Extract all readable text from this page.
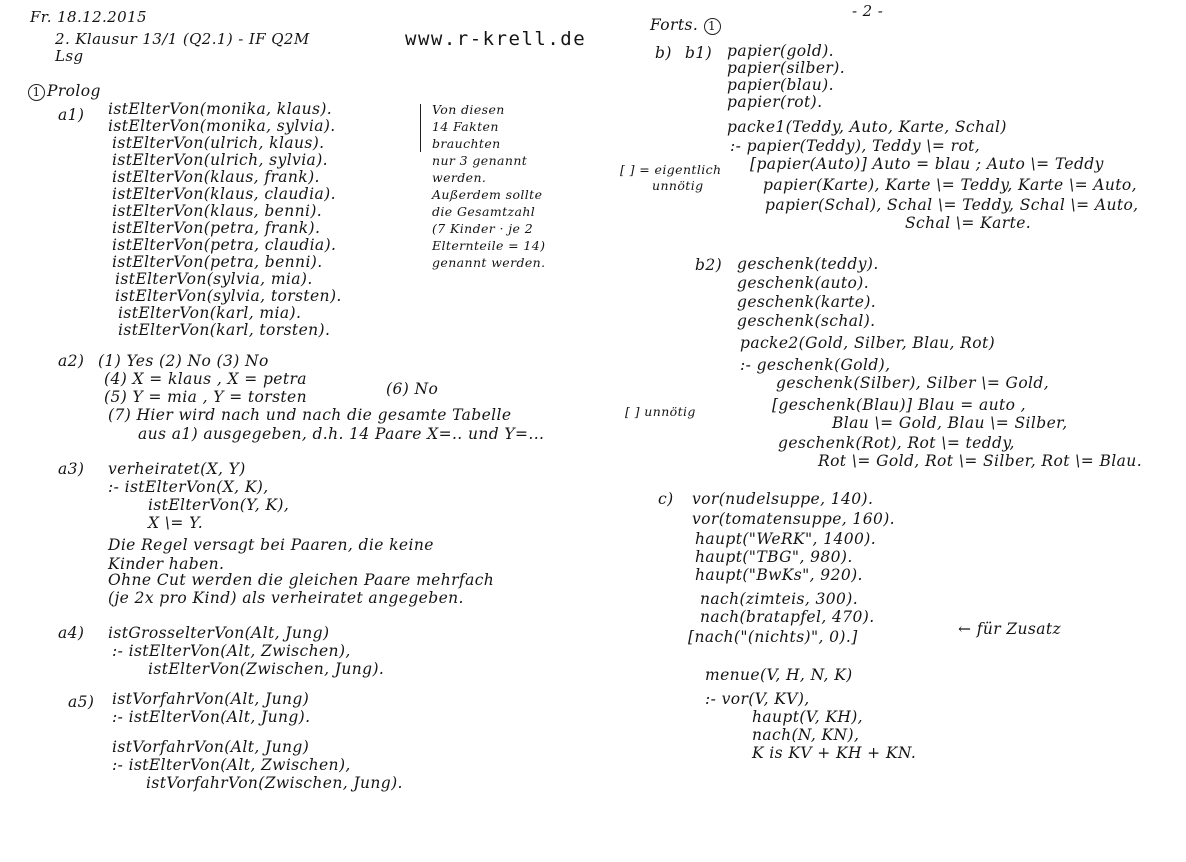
Fr. 18.12.2015
2. Klausur 13/1 (Q2.1) - IF Q2M
Lsg
www.r-krell.de
1 Prolog
a1) istElterVon(monika, klaus).
istElterVon(monika, sylvia).
istElterVon(ulrich, klaus).
istElterVon(ulrich, sylvia).
istElterVon(klaus, frank).
istElterVon(klaus, claudia).
istElterVon(klaus, benni).
istElterVon(petra, frank).
istElterVon(petra, claudia).
istElterVon(petra, benni).
istElterVon(sylvia, mia).
istElterVon(sylvia, torsten).
istElterVon(karl, mia).
istElterVon(karl, torsten).
Von diesen
14 Fakten
brauchten
nur 3 genannt
werden.
Außerdem sollte
die Gesamtzahl
(7 Kinder · je 2
Elternteile = 14)
genannt werden.
a2) (1) Yes (2) No (3) No
(4) X = klaus , X = petra
(5) Y = mia , Y = torsten	(6) No
(7) Hier wird nach und nach die gesamte Tabelle
aus a1) ausgegeben, d.h. 14 Paare X=.. und Y=...
a3) verheiratet(X, Y)
:- istElterVon(X, K),
istElterVon(Y, K),
X \= Y.
Die Regel versagt bei Paaren, die keine
Kinder haben.
Ohne Cut werden die gleichen Paare mehrfach
(je 2x pro Kind) als verheiratet angegeben.
a4) istGrosselterVon(Alt, Jung)
:- istElterVon(Alt, Zwischen),
istElterVon(Zwischen, Jung).
a5) istVorfahrVon(Alt, Jung)
:- istElterVon(Alt, Jung).
istVorfahrVon(Alt, Jung)
:- istElterVon(Alt, Zwischen),
istVorfahrVon(Zwischen, Jung).
- 2 -
Forts. 1
b) b1) papier(gold).
papier(silber).
papier(blau).
papier(rot).
packe1(Teddy, Auto, Karte, Schal)
:- papier(Teddy), Teddy \= rot,
[papier(Auto)] Auto = blau ; Auto \= Teddy
papier(Karte), Karte \= Teddy, Karte \= Auto,
papier(Schal), Schal \= Teddy, Schal \= Auto,
Schal \= Karte.
[ ] = eigentlich
unnötig
b2) geschenk(teddy).
geschenk(auto).
geschenk(karte).
geschenk(schal).
packe2(Gold, Silber, Blau, Rot)
:- geschenk(Gold),
geschenk(Silber), Silber \= Gold,
[geschenk(Blau)] Blau = auto ,
Blau \= Gold, Blau \= Silber,
geschenk(Rot), Rot \= teddy,
Rot \= Gold, Rot \= Silber, Rot \= Blau.
[ ] unnötig
c) vor(nudelsuppe, 140).
vor(tomatensuppe, 160).
haupt("WeRK", 1400).
haupt("TBG", 980).
haupt("BwKs", 920).
nach(zimteis, 300).
nach(bratapfel, 470).
[nach("(nichts)", 0).]	← für Zusatz
menue(V, H, N, K)
:- vor(V, KV),
haupt(V, KH),
nach(N, KN),
K is KV + KH + KN.
